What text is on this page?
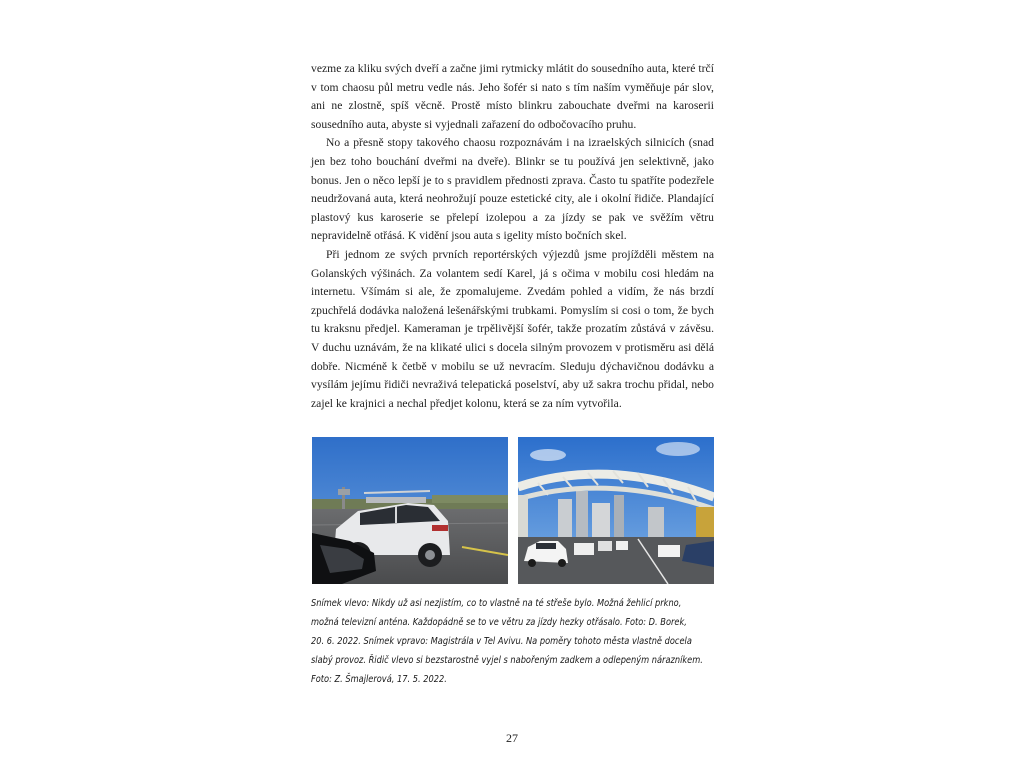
vezme za kliku svých dveří a začne jimi rytmicky mlátit do sousedního auta, které trčí v tom chaosu půl metru vedle nás. Jeho šofér si nato s tím naším vyměňuje pár slov, ani ne zlostně, spíš věcně. Prostě místo blinkru zabouchate dveřmi na karoserii sousedního auta, abyste si vyjednali zařazení do odbočovacího pruhu.

No a přesně stopy takového chaosu rozpoznávám i na izraelských silnicích (snad jen bez toho bouchání dveřmi na dveře). Blinkr se tu používá jen selektivně, jako bonus. Jen o něco lepší je to s pravidlem přednosti zprava. Často tu spatříte podezřele neudržovaná auta, která neohrožují pouze estetické city, ale i okolní řidiče. Plandající plastový kus karoserie se přelepí izolepou a za jízdy se pak ve svěžím větru nepravidelně otřásá. K vidění jsou auta s igelity místo bočních skel.

Při jednom ze svých prvních reportérských výjezdů jsme projížděli městem na Golanských výšinách. Za volantem sedí Karel, já s očima v mobilu cosi hledám na internetu. Všímám si ale, že zpomalujeme. Zvedám pohled a vidím, že nás brzdí zpuchřelá dodávka naložená lešenářskými trubkami. Pomyslím si cosi o tom, že bych tu kraksnu předjel. Kameraman je trpělivější šofér, takže prozatím zůstává v závěsu. V duchu uznávám, že na klikaté ulici s docela silným provozem v protisměru asi dělá dobře. Nicméně k četbě v mobilu se už nevracím. Sleduju dýchavičnou dodávku a vysílám jejímu řidiči nevraživá telepatická poselství, aby už sakra trochu přidal, nebo zajel ke krajnici a nechal předjet kolonu, která se za ním vytvořila.

Snímek vlevo: Nikdy už asi nezjistím, co to vlastně na té střeše bylo. Možná žehlicí prkno,
možná televizní anténa. Každopádně se to ve větru za jízdy hezky otřásalo. Foto: D. Borek,
20. 6. 2022. Snímek vpravo: Magistrála v Tel Avivu. Na poměry tohoto města vlastně docela
slabý provoz. Řidič vlevo si bezstarostně vyjel s nabořeným zadkem a odlepeným nárazníkem.
Foto: Z. Šmajlerová, 17. 5. 2022.
27
